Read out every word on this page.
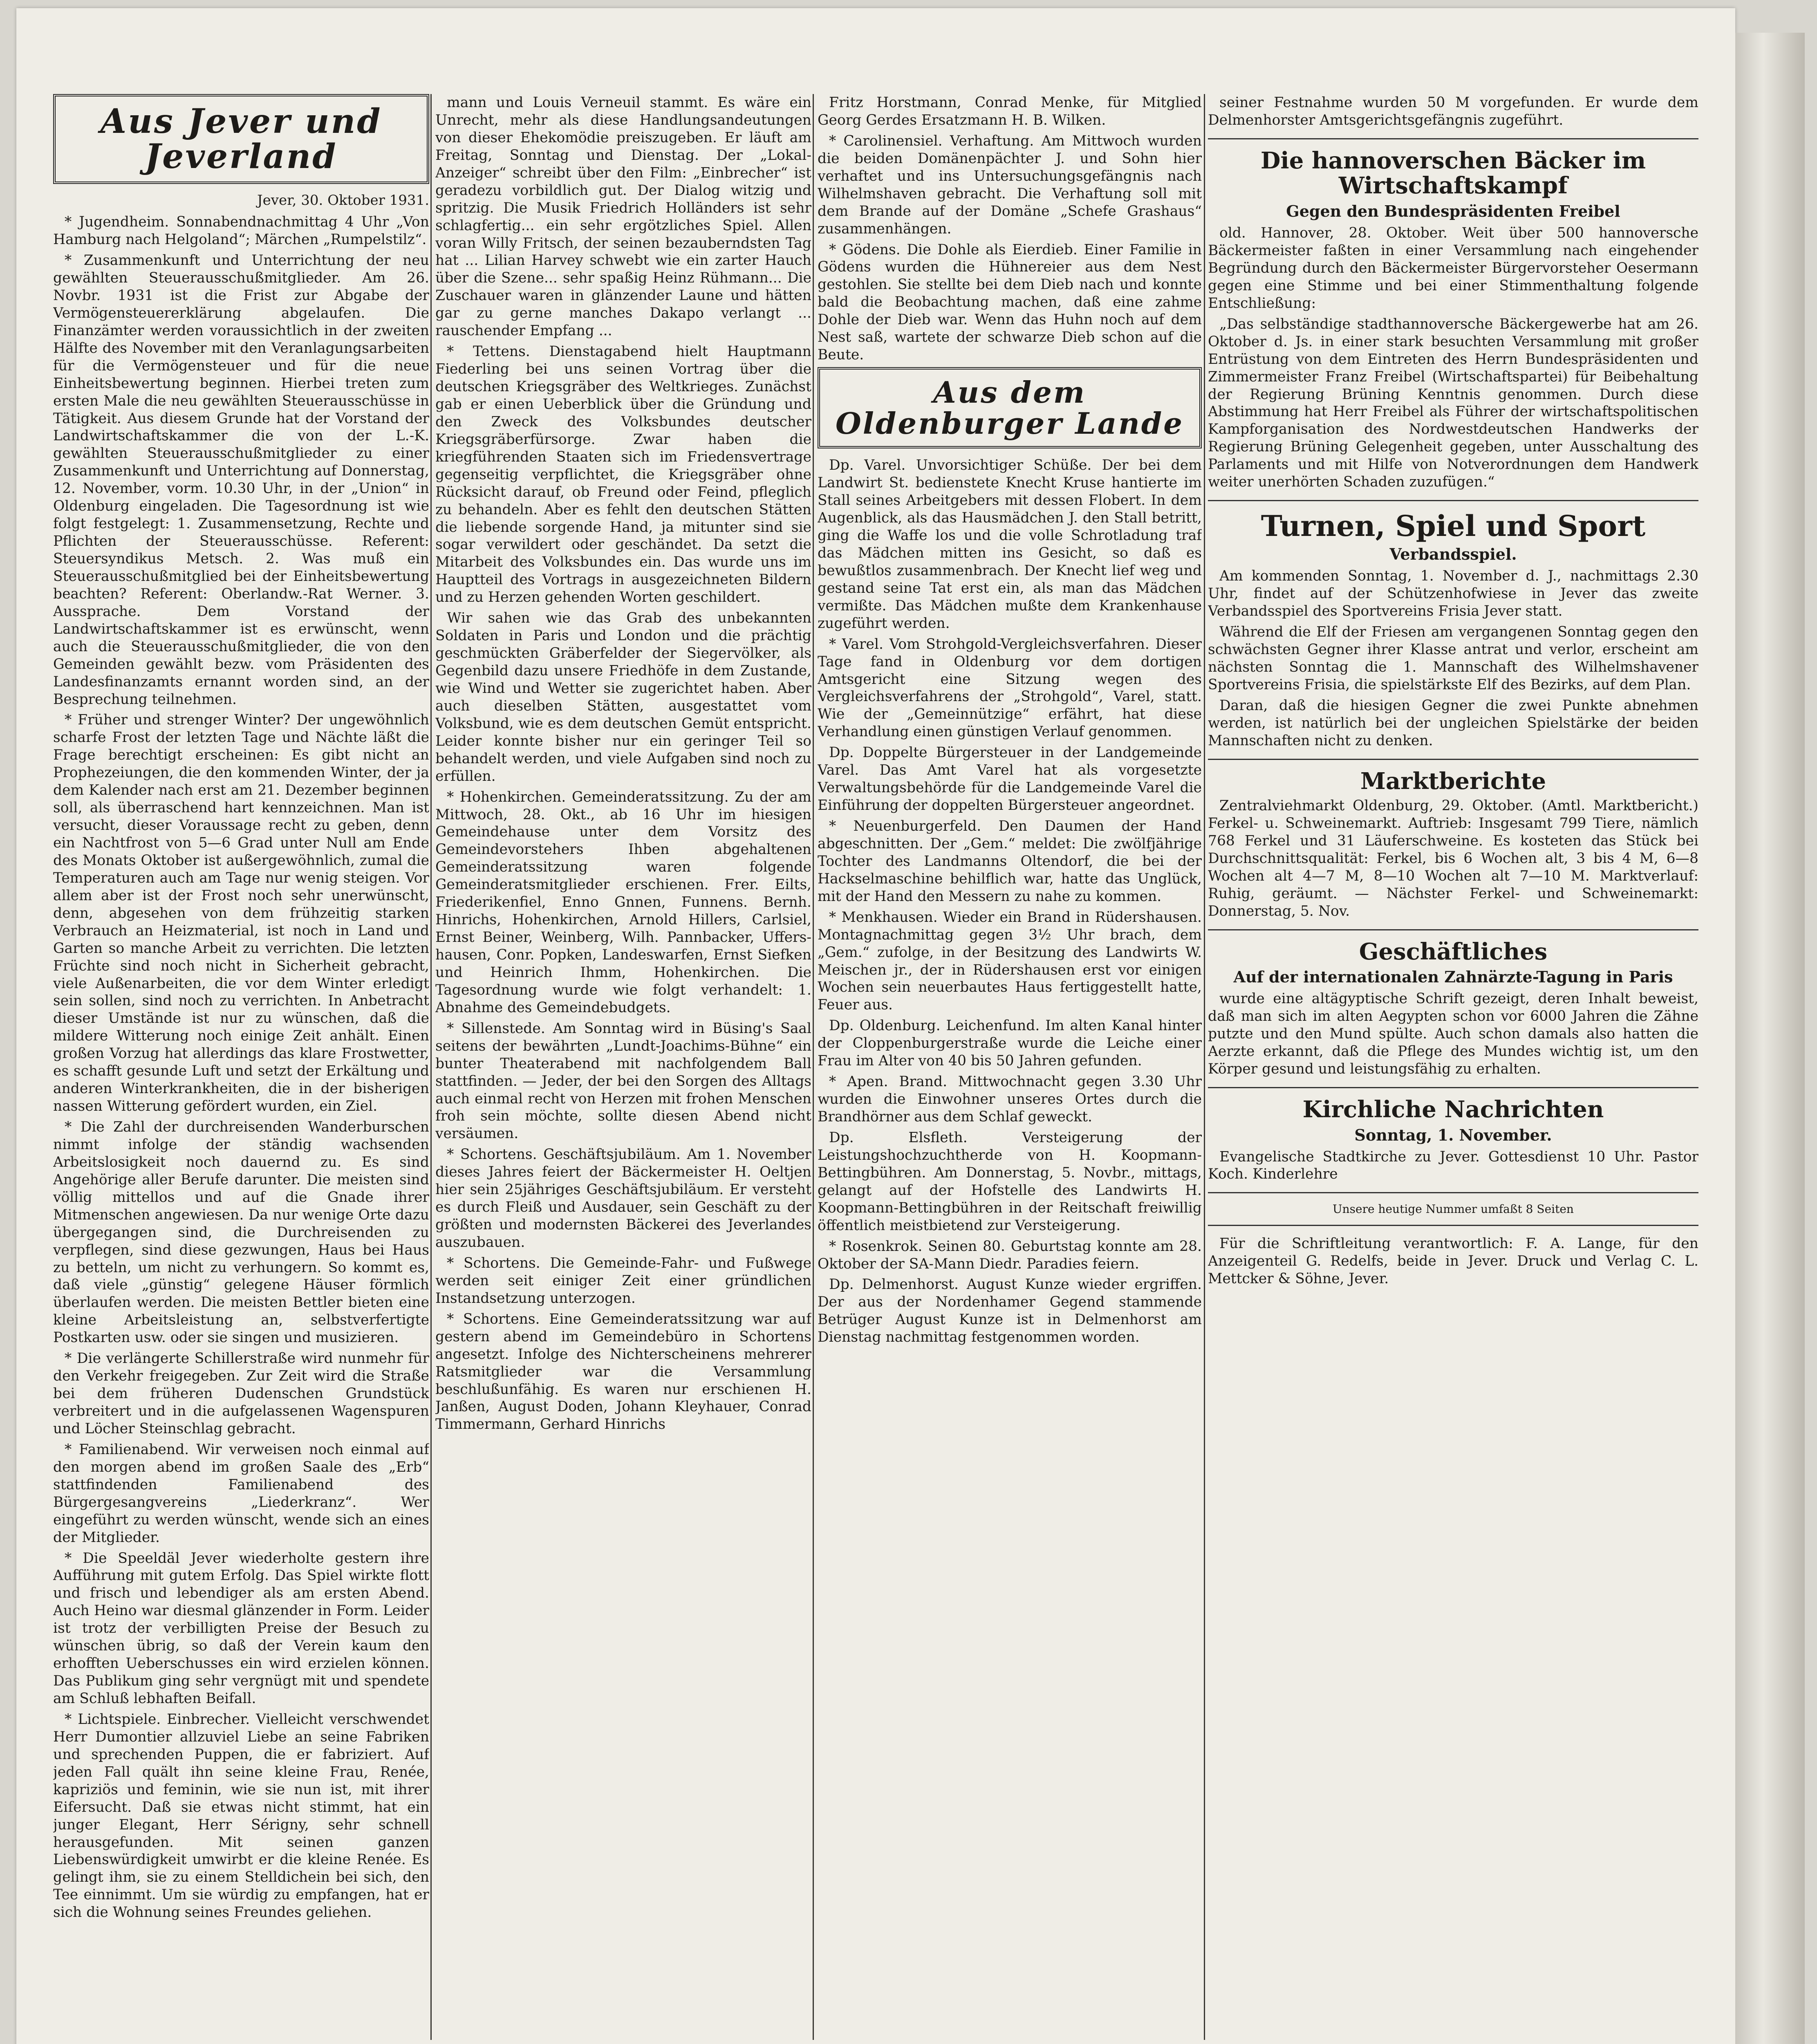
Aus Jever und Jeverland
Jever, 30. Oktober 1931.

* Jugendheim. Sonnabendnachmittag 4 Uhr „Von Hamburg nach Helgoland“; Märchen „Rumpelstilz“.

* Zusammenkunft und Unterrichtung der neu gewählten Steuerausschußmitglieder. Am 26. Novbr. 1931 ist die Frist zur Abgabe der Vermögensteuererklärung abgelaufen. Die Finanzämter werden voraussichtlich in der zweiten Hälfte des November mit den Veranlagungsarbeiten für die Vermögensteuer und für die neue Einheitsbewertung beginnen. Hierbei treten zum ersten Male die neu gewählten Steuerausschüsse in Tätigkeit. Aus diesem Grunde hat der Vorstand der Landwirtschaftskammer die von der L.-K. gewählten Steuerausschußmitglieder zu einer Zusammenkunft und Unterrichtung auf Donnerstag, 12. November, vorm. 10.30 Uhr, in der „Union“ in Oldenburg eingeladen. Die Tagesordnung ist wie folgt festgelegt: 1. Zusammensetzung, Rechte und Pflichten der Steuerausschüsse. Referent: Steuersyndikus Metsch. 2. Was muß ein Steuerausschußmitglied bei der Einheitsbewertung beachten? Referent: Oberlandw.-Rat Werner. 3. Aussprache. Dem Vorstand der Landwirtschaftskammer ist es erwünscht, wenn auch die Steuerausschußmitglieder, die von den Gemeinden gewählt bezw. vom Präsidenten des Landesfinanzamts ernannt worden sind, an der Besprechung teilnehmen.

* Früher und strenger Winter? Der ungewöhnlich scharfe Frost der letzten Tage und Nächte läßt die Frage berechtigt erscheinen: Es gibt nicht an Prophezeiungen, die den kommenden Winter, der ja dem Kalender nach erst am 21. Dezember beginnen soll, als überraschend hart kennzeichnen. Man ist versucht, dieser Voraussage recht zu geben, denn ein Nachtfrost von 5—6 Grad unter Null am Ende des Monats Oktober ist außergewöhnlich, zumal die Temperaturen auch am Tage nur wenig steigen. Vor allem aber ist der Frost noch sehr unerwünscht, denn, abgesehen von dem frühzeitig starken Verbrauch an Heizmaterial, ist noch in Land und Garten so manche Arbeit zu verrichten. Die letzten Früchte sind noch nicht in Sicherheit gebracht, viele Außenarbeiten, die vor dem Winter erledigt sein sollen, sind noch zu verrichten. In Anbetracht dieser Umstände ist nur zu wünschen, daß die mildere Witterung noch einige Zeit anhält. Einen großen Vorzug hat allerdings das klare Frostwetter, es schafft gesunde Luft und setzt der Erkältung und anderen Winterkrankheiten, die in der bisherigen nassen Witterung gefördert wurden, ein Ziel.

* Die Zahl der durchreisenden Wanderburschen nimmt infolge der ständig wachsenden Arbeitslosigkeit noch dauernd zu. Es sind Angehörige aller Berufe darunter. Die meisten sind völlig mittellos und auf die Gnade ihrer Mitmenschen angewiesen. Da nur wenige Orte dazu übergegangen sind, die Durchreisenden zu verpflegen, sind diese gezwungen, Haus bei Haus zu betteln, um nicht zu verhungern. So kommt es, daß viele „günstig“ gelegene Häuser förmlich überlaufen werden. Die meisten Bettler bieten eine kleine Arbeitsleistung an, selbstverfertigte Postkarten usw. oder sie singen und musizieren.

* Die verlängerte Schillerstraße wird nunmehr für den Verkehr freigegeben. Zur Zeit wird die Straße bei dem früheren Dudenschen Grundstück verbreitert und in die aufgelassenen Wagenspuren und Löcher Steinschlag gebracht.

* Familienabend. Wir verweisen noch einmal auf den morgen abend im großen Saale des „Erb“ stattfindenden Familienabend des Bürgergesangvereins „Liederkranz“. Wer eingeführt zu werden wünscht, wende sich an eines der Mitglieder.

* Die Speeldäl Jever wiederholte gestern ihre Aufführung mit gutem Erfolg. Das Spiel wirkte flott und frisch und lebendiger als am ersten Abend. Auch Heino war diesmal glänzender in Form. Leider ist trotz der verbilligten Preise der Besuch zu wünschen übrig, so daß der Verein kaum den erhofften Ueberschusses ein wird erzielen können. Das Publikum ging sehr vergnügt mit und spendete am Schluß lebhaften Beifall.

* Lichtspiele. Einbrecher. Vielleicht verschwendet Herr Dumontier allzuviel Liebe an seine Fabriken und sprechenden Puppen, die er fabriziert. Auf jeden Fall quält ihn seine kleine Frau, Renée, kapriziös und feminin, wie sie nun ist, mit ihrer Eifersucht. Daß sie etwas nicht stimmt, hat ein junger Elegant, Herr Sérigny, sehr schnell herausgefunden. Mit seinen ganzen Liebenswürdigkeit umwirbt er die kleine Renée. Es gelingt ihm, sie zu einem Stelldichein bei sich, den Tee einnimmt. Um sie würdig zu empfangen, hat er sich die Wohnung seines Freundes geliehen.

mann und Louis Verneuil stammt. Es wäre ein Unrecht, mehr als diese Handlungsandeutungen von dieser Ehekomödie preiszugeben. Er läuft am Freitag, Sonntag und Dienstag. Der „Lokal-Anzeiger“ schreibt über den Film: „Einbrecher“ ist geradezu vorbildlich gut. Der Dialog witzig und spritzig. Die Musik Friedrich Holländers ist sehr schlagfertig... ein sehr ergötzliches Spiel. Allen voran Willy Fritsch, der seinen bezauberndsten Tag hat ... Lilian Harvey schwebt wie ein zarter Hauch über die Szene... sehr spaßig Heinz Rühmann... Die Zuschauer waren in glänzender Laune und hätten gar zu gerne manches Dakapo verlangt ... rauschender Empfang ...

* Tettens. Dienstagabend hielt Hauptmann Fiederling bei uns seinen Vortrag über die deutschen Kriegsgräber des Weltkrieges. Zunächst gab er einen Ueberblick über die Gründung und den Zweck des Volksbundes deutscher Kriegsgräberfürsorge. Zwar haben die kriegführenden Staaten sich im Friedensvertrage gegenseitig verpflichtet, die Kriegsgräber ohne Rücksicht darauf, ob Freund oder Feind, pfleglich zu behandeln. Aber es fehlt den deutschen Stätten die liebende sorgende Hand, ja mitunter sind sie sogar verwildert oder geschändet. Da setzt die Mitarbeit des Volksbundes ein. Das wurde uns im Hauptteil des Vortrags in ausgezeichneten Bildern und zu Herzen gehenden Worten geschildert.

Wir sahen wie das Grab des unbekannten Soldaten in Paris und London und die prächtig geschmückten Gräberfelder der Siegervölker, als Gegenbild dazu unsere Friedhöfe in dem Zustande, wie Wind und Wetter sie zugerichtet haben. Aber auch dieselben Stätten, ausgestattet vom Volksbund, wie es dem deutschen Gemüt entspricht. Leider konnte bisher nur ein geringer Teil so behandelt werden, und viele Aufgaben sind noch zu erfüllen.

* Hohenkirchen. Gemeinderatssitzung. Zu der am Mittwoch, 28. Okt., ab 16 Uhr im hiesigen Gemeindehause unter dem Vorsitz des Gemeindevorstehers Ihben abgehaltenen Gemeinderatssitzung waren folgende Gemeinderatsmitglieder erschienen. Frer. Eilts, Friederikenfiel, Enno Gnnen, Funnens. Bernh. Hinrichs, Hohenkirchen, Arnold Hillers, Carlsiel, Ernst Beiner, Weinberg, Wilh. Pannbacker, Uffers-hausen, Conr. Popken, Landeswarfen, Ernst Siefken und Heinrich Ihmm, Hohenkirchen. Die Tagesordnung wurde wie folgt verhandelt: 1. Abnahme des Gemeindebudgets.

* Sillenstede. Am Sonntag wird in Büsing's Saal seitens der bewährten „Lundt-Joachims-Bühne“ ein bunter Theaterabend mit nachfolgendem Ball stattfinden. — Jeder, der bei den Sorgen des Alltags auch einmal recht von Herzen mit frohen Menschen froh sein möchte, sollte diesen Abend nicht versäumen.

* Schortens. Geschäftsjubiläum. Am 1. November dieses Jahres feiert der Bäckermeister H. Oeltjen hier sein 25jähriges Geschäftsjubiläum. Er versteht es durch Fleiß und Ausdauer, sein Geschäft zu der größten und modernsten Bäckerei des Jeverlandes auszubauen.

* Schortens. Die Gemeinde-Fahr- und Fußwege werden seit einiger Zeit einer gründlichen Instandsetzung unterzogen.

* Schortens. Eine Gemeinderatssitzung war auf gestern abend im Gemeindebüro in Schortens angesetzt. Infolge des Nichterscheinens mehrerer Ratsmitglieder war die Versammlung beschlußunfähig. Es waren nur erschienen H. Janßen, August Doden, Johann Kleyhauer, Conrad Timmermann, Gerhard Hinrichs

Fritz Horstmann, Conrad Menke, für Mitglied Georg Gerdes Ersatzmann H. B. Wilken.

* Carolinensiel. Verhaftung. Am Mittwoch wurden die beiden Domänenpächter J. und Sohn hier verhaftet und ins Untersuchungsgefängnis nach Wilhelmshaven gebracht. Die Verhaftung soll mit dem Brande auf der Domäne „Schefe Grashaus“ zusammenhängen.

* Gödens. Die Dohle als Eierdieb. Einer Familie in Gödens wurden die Hühnereier aus dem Nest gestohlen. Sie stellte bei dem Dieb nach und konnte bald die Beobachtung machen, daß eine zahme Dohle der Dieb war. Wenn das Huhn noch auf dem Nest saß, wartete der schwarze Dieb schon auf die Beute.

Aus dem Oldenburger Lande

Dp. Varel. Unvorsichtiger Schüße. Der bei dem Landwirt St. bedienstete Knecht Kruse hantierte im Stall seines Arbeitgebers mit dessen Flobert. In dem Augenblick, als das Hausmädchen J. den Stall betritt, ging die Waffe los und die volle Schrotladung traf das Mädchen mitten ins Gesicht, so daß es bewußtlos zusammenbrach. Der Knecht lief weg und gestand seine Tat erst ein, als man das Mädchen vermißte. Das Mädchen mußte dem Krankenhause zugeführt werden.

* Varel. Vom Strohgold-Vergleichsverfahren. Dieser Tage fand in Oldenburg vor dem dortigen Amtsgericht eine Sitzung wegen des Vergleichsverfahrens der „Strohgold“, Varel, statt. Wie der „Gemeinnützige“ erfährt, hat diese Verhandlung einen günstigen Verlauf genommen.

Dp. Doppelte Bürgersteuer in der Landgemeinde Varel. Das Amt Varel hat als vorgesetzte Verwaltungsbehörde für die Landgemeinde Varel die Einführung der doppelten Bürgersteuer angeordnet.

* Neuenburgerfeld. Den Daumen der Hand abgeschnitten. Der „Gem.“ meldet: Die zwölfjährige Tochter des Landmanns Oltendorf, die bei der Hackselmaschine behilflich war, hatte das Unglück, mit der Hand den Messern zu nahe zu kommen.

* Menkhausen. Wieder ein Brand in Rüdershausen. Montagnachmittag gegen 3½ Uhr brach, dem „Gem.“ zufolge, in der Besitzung des Landwirts W. Meischen jr., der in Rüdershausen erst vor einigen Wochen sein neuerbautes Haus fertiggestellt hatte, Feuer aus.

Dp. Oldenburg. Leichenfund. Im alten Kanal hinter der Cloppenburgerstraße wurde die Leiche einer Frau im Alter von 40 bis 50 Jahren gefunden.

* Apen. Brand. Mittwochnacht gegen 3.30 Uhr wurden die Einwohner unseres Ortes durch die Brandhörner aus dem Schlaf geweckt.

Dp. Elsfleth. Versteigerung der Leistungshochzuchtherde von H. Koopmann-Bettingbühren. Am Donnerstag, 5. Novbr., mittags, gelangt auf der Hofstelle des Landwirts H. Koopmann-Bettingbühren in der Reitschaft freiwillig öffentlich meistbietend zur Versteigerung.

* Rosenkrok. Seinen 80. Geburtstag konnte am 28. Oktober der SA-Mann Diedr. Paradies feiern.

Dp. Delmenhorst. August Kunze wieder ergriffen. Der aus der Nordenhamer Gegend stammende Betrüger August Kunze ist in Delmenhorst am Dienstag nachmittag festgenommen worden.

seiner Festnahme wurden 50 M vorgefunden. Er wurde dem Delmenhorster Amtsgerichtsgefängnis zugeführt.

Die hannoverschen Bäcker im Wirtschaftskampf
Gegen den Bundespräsidenten Freibel

old. Hannover, 28. Oktober. Weit über 500 hannoversche Bäckermeister faßten in einer Versammlung nach eingehender Begründung durch den Bäckermeister Bürgervorsteher Oesermann gegen eine Stimme und bei einer Stimmenthaltung folgende Entschließung:

„Das selbständige stadthannoversche Bäckergewerbe hat am 26. Oktober d. Js. in einer stark besuchten Versammlung mit großer Entrüstung von dem Eintreten des Herrn Bundespräsidenten und Zimmermeister Franz Freibel (Wirtschaftspartei) für Beibehaltung der Regierung Brüning Kenntnis genommen. Durch diese Abstimmung hat Herr Freibel als Führer der wirtschaftspolitischen Kampforganisation des Nordwestdeutschen Handwerks der Regierung Brüning Gelegenheit gegeben, unter Ausschaltung des Parlaments und mit Hilfe von Notverordnungen dem Handwerk weiter unerhörten Schaden zuzufügen.“

Turnen, Spiel und Sport
Verbandsspiel.

Am kommenden Sonntag, 1. November d. J., nachmittags 2.30 Uhr, findet auf der Schützenhofwiese in Jever das zweite Verbandsspiel des Sportvereins Frisia Jever statt.

Während die Elf der Friesen am vergangenen Sonntag gegen den schwächsten Gegner ihrer Klasse antrat und verlor, erscheint am nächsten Sonntag die 1. Mannschaft des Wilhelmshavener Sportvereins Frisia, die spielstärkste Elf des Bezirks, auf dem Plan.

Daran, daß die hiesigen Gegner die zwei Punkte abnehmen werden, ist natürlich bei der ungleichen Spielstärke der beiden Mannschaften nicht zu denken.

Marktberichte

Zentralviehmarkt Oldenburg, 29. Oktober. (Amtl. Marktbericht.) Ferkel- u. Schweinemarkt. Auftrieb: Insgesamt 799 Tiere, nämlich 768 Ferkel und 31 Läuferschweine. Es kosteten das Stück bei Durchschnittsqualität: Ferkel, bis 6 Wochen alt, 3 bis 4 M, 6—8 Wochen alt 4—7 M, 8—10 Wochen alt 7—10 M. Marktverlauf: Ruhig, geräumt. — Nächster Ferkel- und Schweinemarkt: Donnerstag, 5. Nov.

Geschäftliches
Auf der internationalen Zahnärzte-Tagung in Paris

wurde eine altägyptische Schrift gezeigt, deren Inhalt beweist, daß man sich im alten Aegypten schon vor 6000 Jahren die Zähne putzte und den Mund spülte. Auch schon damals also hatten die Aerzte erkannt, daß die Pflege des Mundes wichtig ist, um den Körper gesund und leistungsfähig zu erhalten.

Kirchliche Nachrichten
Sonntag, 1. November.

Evangelische Stadtkirche zu Jever. Gottesdienst 10 Uhr. Pastor Koch. Kinderlehre

Unsere heutige Nummer umfaßt 8 Seiten

Für die Schriftleitung verantwortlich: F. A. Lange, für den Anzeigenteil G. Redelfs, beide in Jever. Druck und Verlag C. L. Mettcker & Söhne, Jever.
